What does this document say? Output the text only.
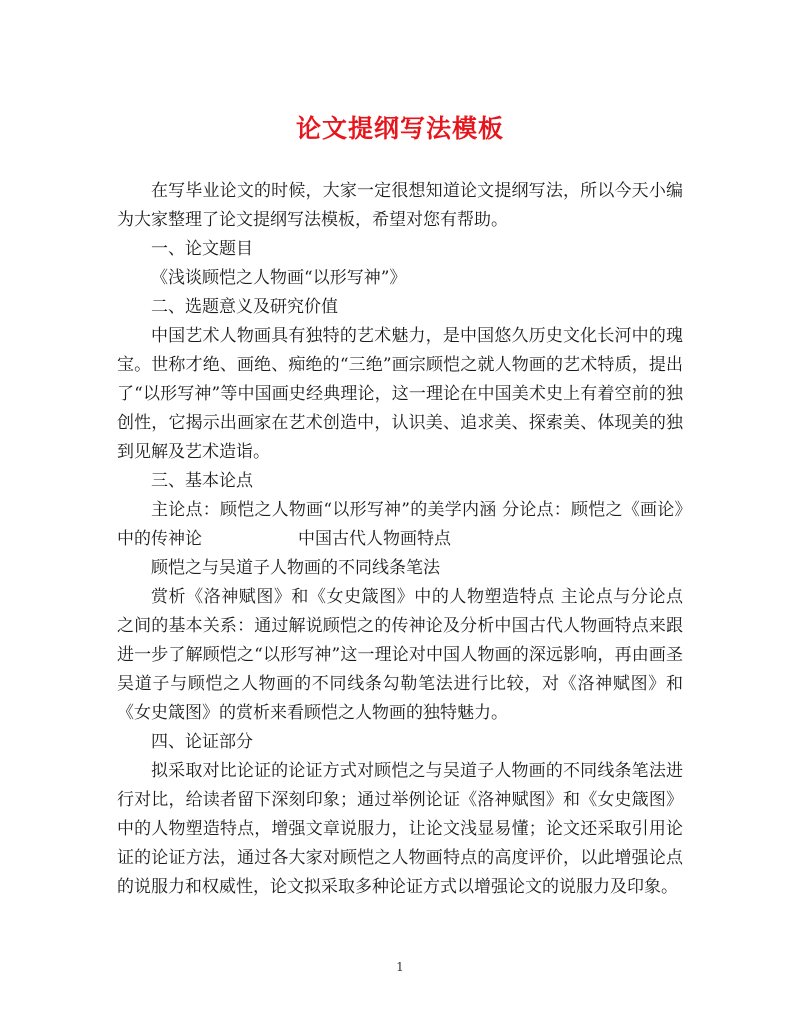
论文提纲写法模板

在写毕业论文的时候，大家一定很想知道论文提纲写法，所以今天小编为大家整理了论文提纲写法模板，希望对您有帮助。

一、论文题目

《浅谈顾恺之人物画“以形写神”》

二、选题意义及研究价值

中国艺术人物画具有独特的艺术魅力，是中国悠久历史文化长河中的瑰宝。世称才绝、画绝、痴绝的“三绝”画宗顾恺之就人物画的艺术特质，提出了“以形写神”等中国画史经典理论，这一理论在中国美术史上有着空前的独创性，它揭示出画家在艺术创造中，认识美、追求美、探索美、体现美的独到见解及艺术造诣。

三、基本论点

主论点：顾恺之人物画“以形写神”的美学内涵 分论点：顾恺之《画论》中的传神论	中国古代人物画特点

顾恺之与吴道子人物画的不同线条笔法

赏析《洛神赋图》和《女史箴图》中的人物塑造特点 主论点与分论点之间的基本关系：通过解说顾恺之的传神论及分析中国古代人物画特点来跟进一步了解顾恺之“以形写神”这一理论对中国人物画的深远影响，再由画圣吴道子与顾恺之人物画的不同线条勾勒笔法进行比较，对《洛神赋图》和《女史箴图》的赏析来看顾恺之人物画的独特魅力。

四、论证部分

拟采取对比论证的论证方式对顾恺之与吴道子人物画的不同线条笔法进行对比，给读者留下深刻印象；通过举例论证《洛神赋图》和《女史箴图》中的人物塑造特点，增强文章说服力，让论文浅显易懂；论文还采取引用论证的论证方法，通过各大家对顾恺之人物画特点的高度评价，以此增强论点的说服力和权威性，论文拟采取多种论证方式以增强论文的说服力及印象。

1
